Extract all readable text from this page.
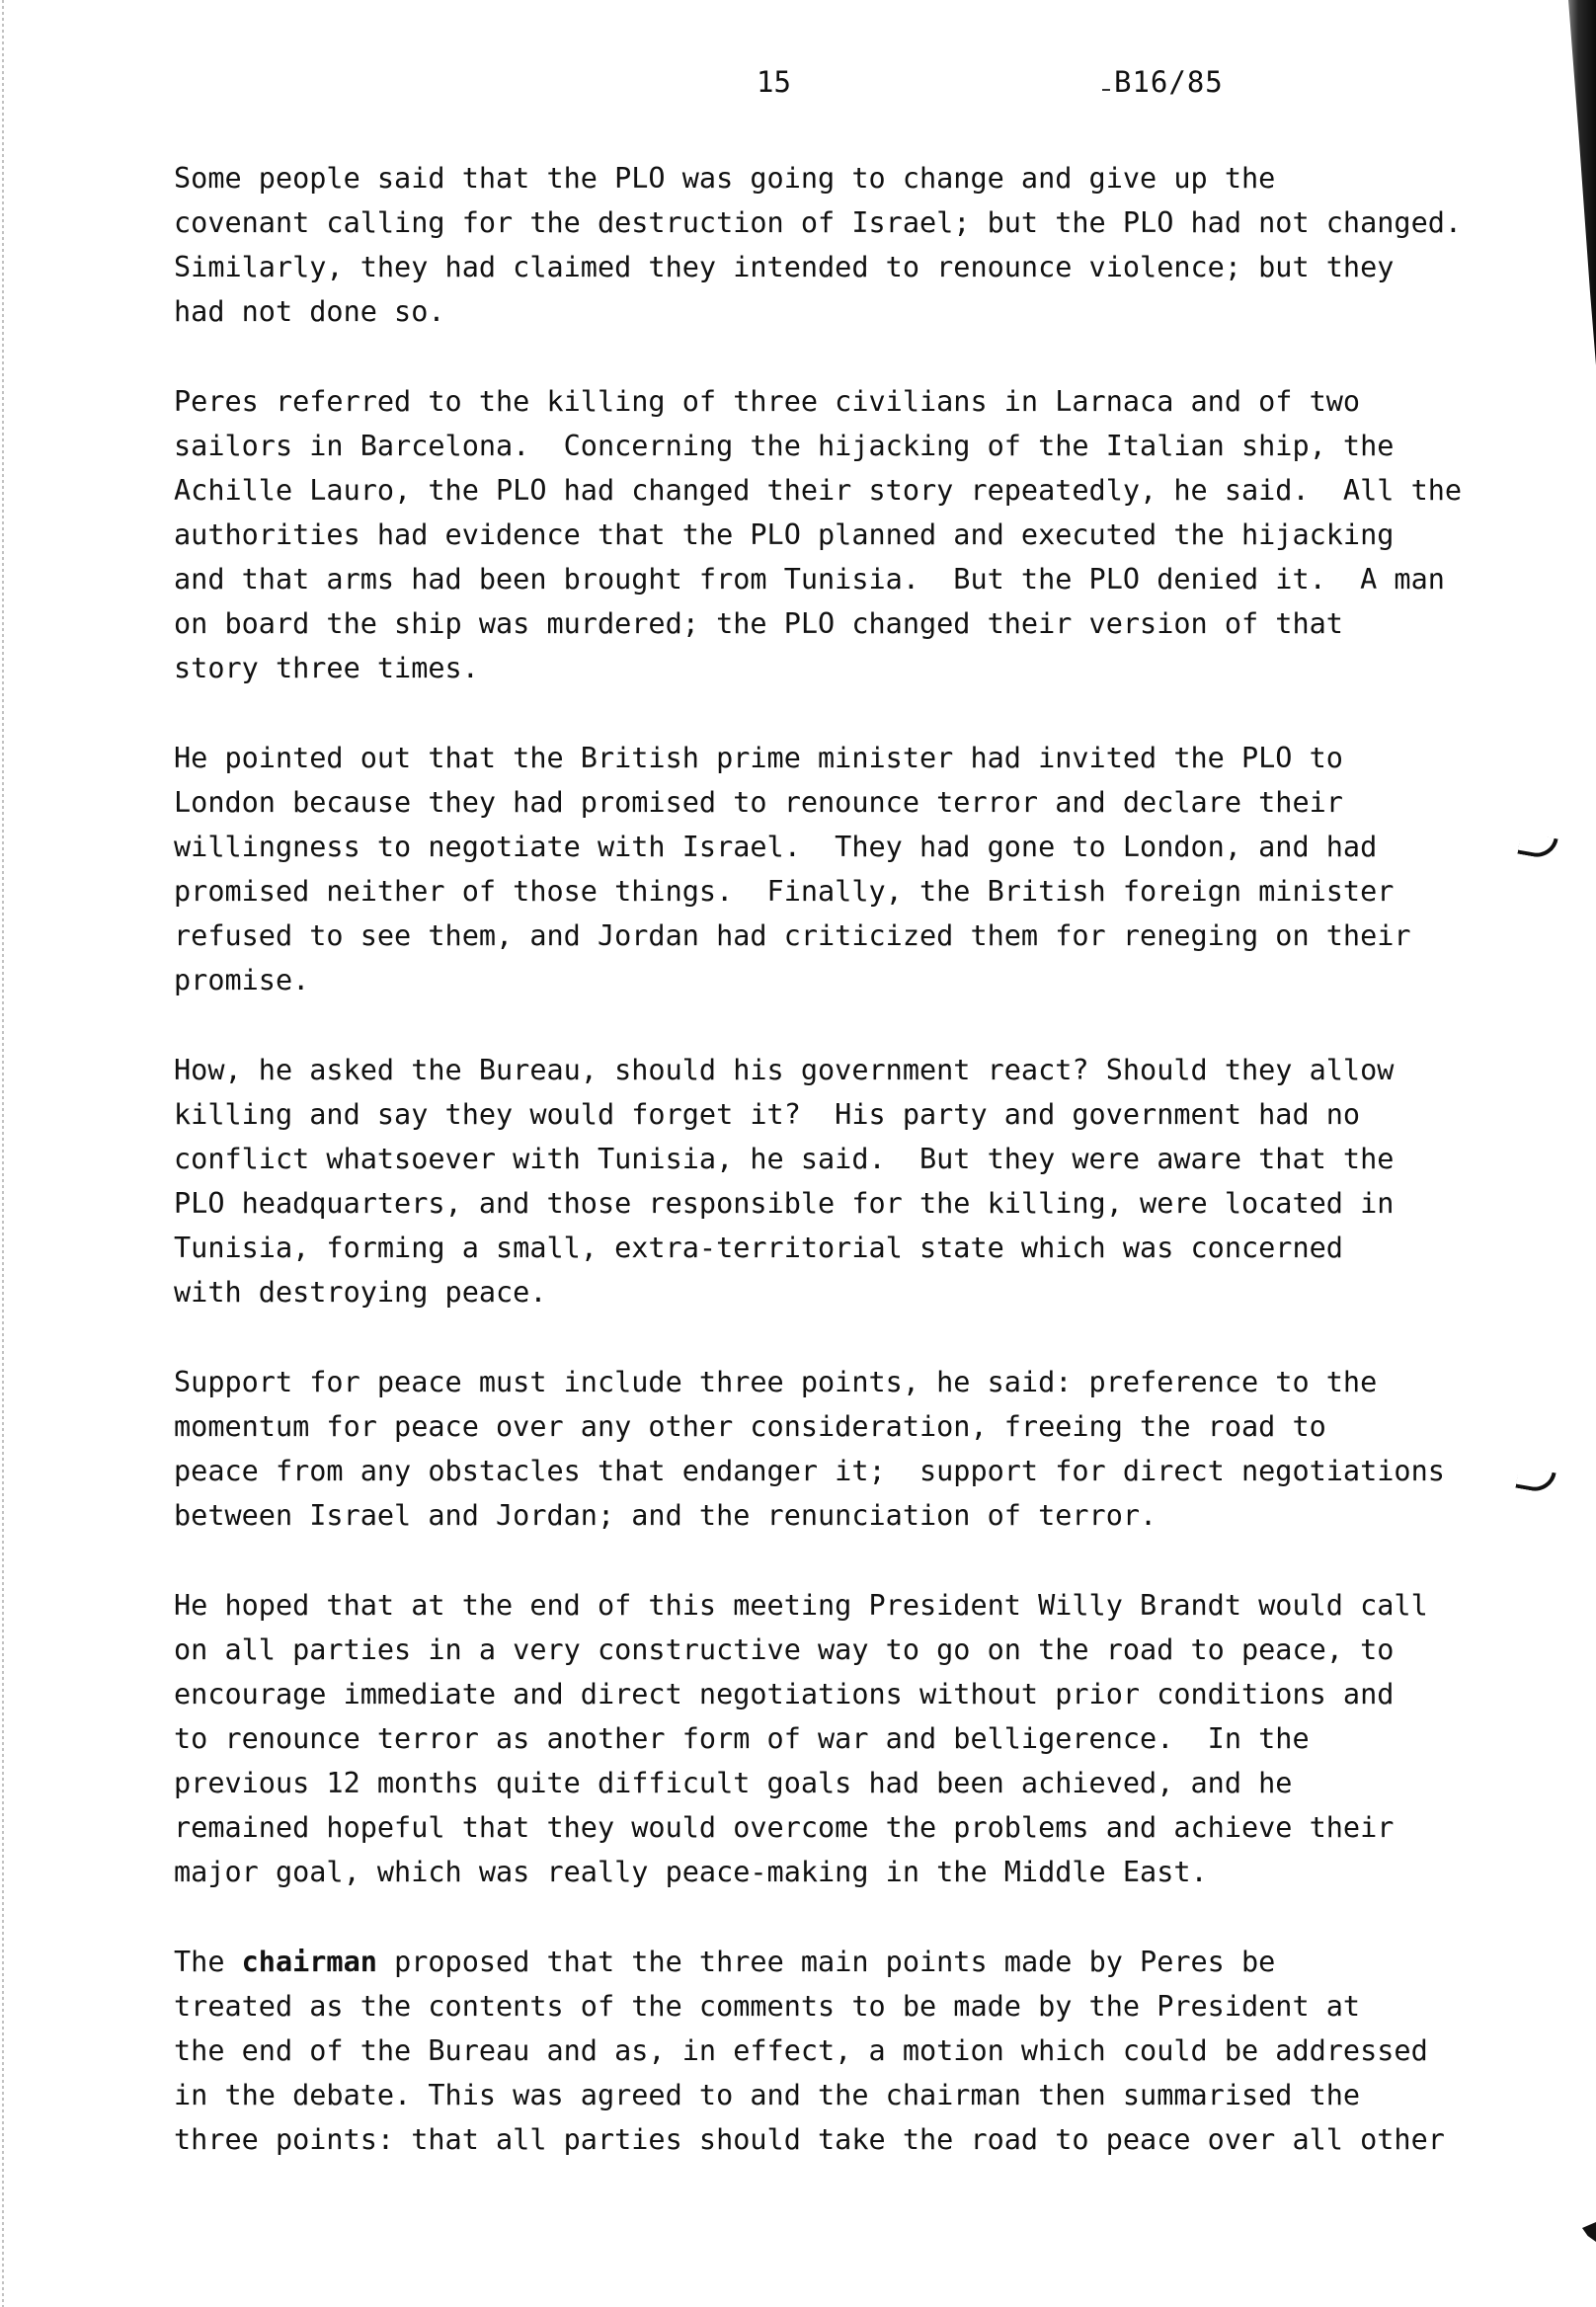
15	B16/85
Some people said that the PLO was going to change and give up the
covenant calling for the destruction of Israel; but the PLO had not changed.
Similarly, they had claimed they intended to renounce violence; but they
had not done so.
Peres referred to the killing of three civilians in Larnaca and of two
sailors in Barcelona.  Concerning the hijacking of the Italian ship, the
Achille Lauro, the PLO had changed their story repeatedly, he said.  All the
authorities had evidence that the PLO planned and executed the hijacking
and that arms had been brought from Tunisia.  But the PLO denied it.  A man
on board the ship was murdered; the PLO changed their version of that
story three times.
He pointed out that the British prime minister had invited the PLO to
London because they had promised to renounce terror and declare their
willingness to negotiate with Israel.  They had gone to London, and had
promised neither of those things.  Finally, the British foreign minister
refused to see them, and Jordan had criticized them for reneging on their
promise.
How, he asked the Bureau, should his government react? Should they allow
killing and say they would forget it?  His party and government had no
conflict whatsoever with Tunisia, he said.  But they were aware that the
PLO headquarters, and those responsible for the killing, were located in
Tunisia, forming a small, extra-territorial state which was concerned
with destroying peace.
Support for peace must include three points, he said: preference to the
momentum for peace over any other consideration, freeing the road to
peace from any obstacles that endanger it;  support for direct negotiations
between Israel and Jordan; and the renunciation of terror.
He hoped that at the end of this meeting President Willy Brandt would call
on all parties in a very constructive way to go on the road to peace, to
encourage immediate and direct negotiations without prior conditions and
to renounce terror as another form of war and belligerence.  In the
previous 12 months quite difficult goals had been achieved, and he
remained hopeful that they would overcome the problems and achieve their
major goal, which was really peace-making in the Middle East.
The chairman proposed that the three main points made by Peres be
treated as the contents of the comments to be made by the President at
the end of the Bureau and as, in effect, a motion which could be addressed
in the debate. This was agreed to and the chairman then summarised the
three points: that all parties should take the road to peace over all other
